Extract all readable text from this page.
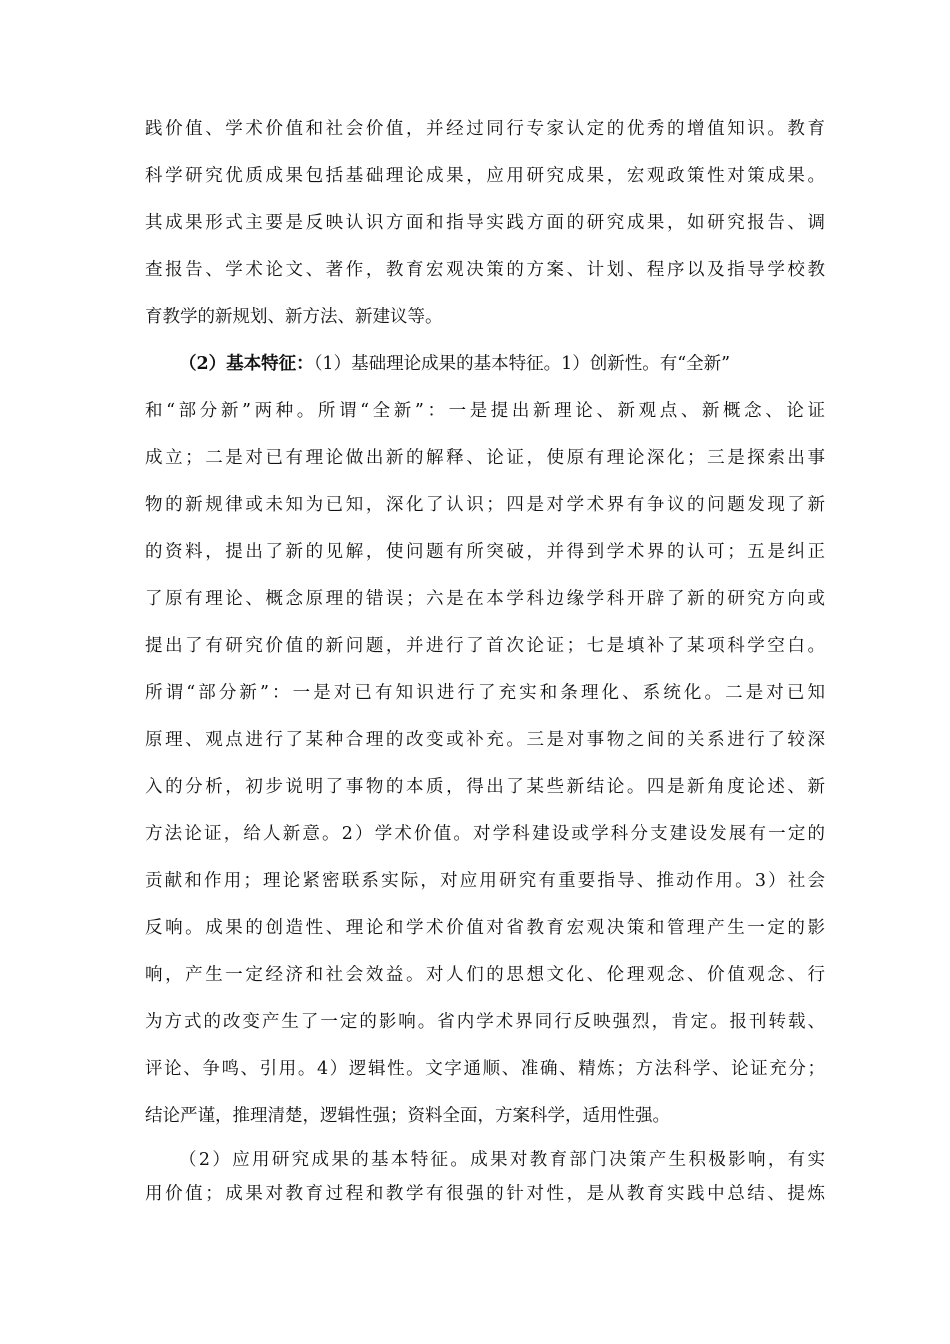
践价值、学术价值和社会价值，并经过同行专家认定的优秀的增值知识。教育
科学研究优质成果包括基础理论成果，应用研究成果，宏观政策性对策成果。
其成果形式主要是反映认识方面和指导实践方面的研究成果，如研究报告、调
查报告、学术论文、著作，教育宏观决策的方案、计划、程序以及指导学校教
育教学的新规划、新方法、新建议等。
（2）基本特征：（1）基础理论成果的基本特征。1）创新性。有“全新”
和“部分新”两种。所谓“全新”：一是提出新理论、新观点、新概念、论证
成立；二是对已有理论做出新的解释、论证，使原有理论深化；三是探索出事
物的新规律或未知为已知，深化了认识；四是对学术界有争议的问题发现了新
的资料，提出了新的见解，使问题有所突破，并得到学术界的认可；五是纠正
了原有理论、概念原理的错误；六是在本学科边缘学科开辟了新的研究方向或
提出了有研究价值的新问题，并进行了首次论证；七是填补了某项科学空白。
所谓“部分新”：一是对已有知识进行了充实和条理化、系统化。二是对已知
原理、观点进行了某种合理的改变或补充。三是对事物之间的关系进行了较深
入的分析，初步说明了事物的本质，得出了某些新结论。四是新角度论述、新
方法论证，给人新意。2）学术价值。对学科建设或学科分支建设发展有一定的
贡献和作用；理论紧密联系实际，对应用研究有重要指导、推动作用。3）社会
反响。成果的创造性、理论和学术价值对省教育宏观决策和管理产生一定的影
响，产生一定经济和社会效益。对人们的思想文化、伦理观念、价值观念、行
为方式的改变产生了一定的影响。省内学术界同行反映强烈，肯定。报刊转载、
评论、争鸣、引用。4）逻辑性。文字通顺、准确、精炼；方法科学、论证充分；
结论严谨，推理清楚，逻辑性强；资料全面，方案科学，适用性强。
（2）应用研究成果的基本特征。成果对教育部门决策产生积极影响，有实
用价值；成果对教育过程和教学有很强的针对性，是从教育实践中总结、提炼
